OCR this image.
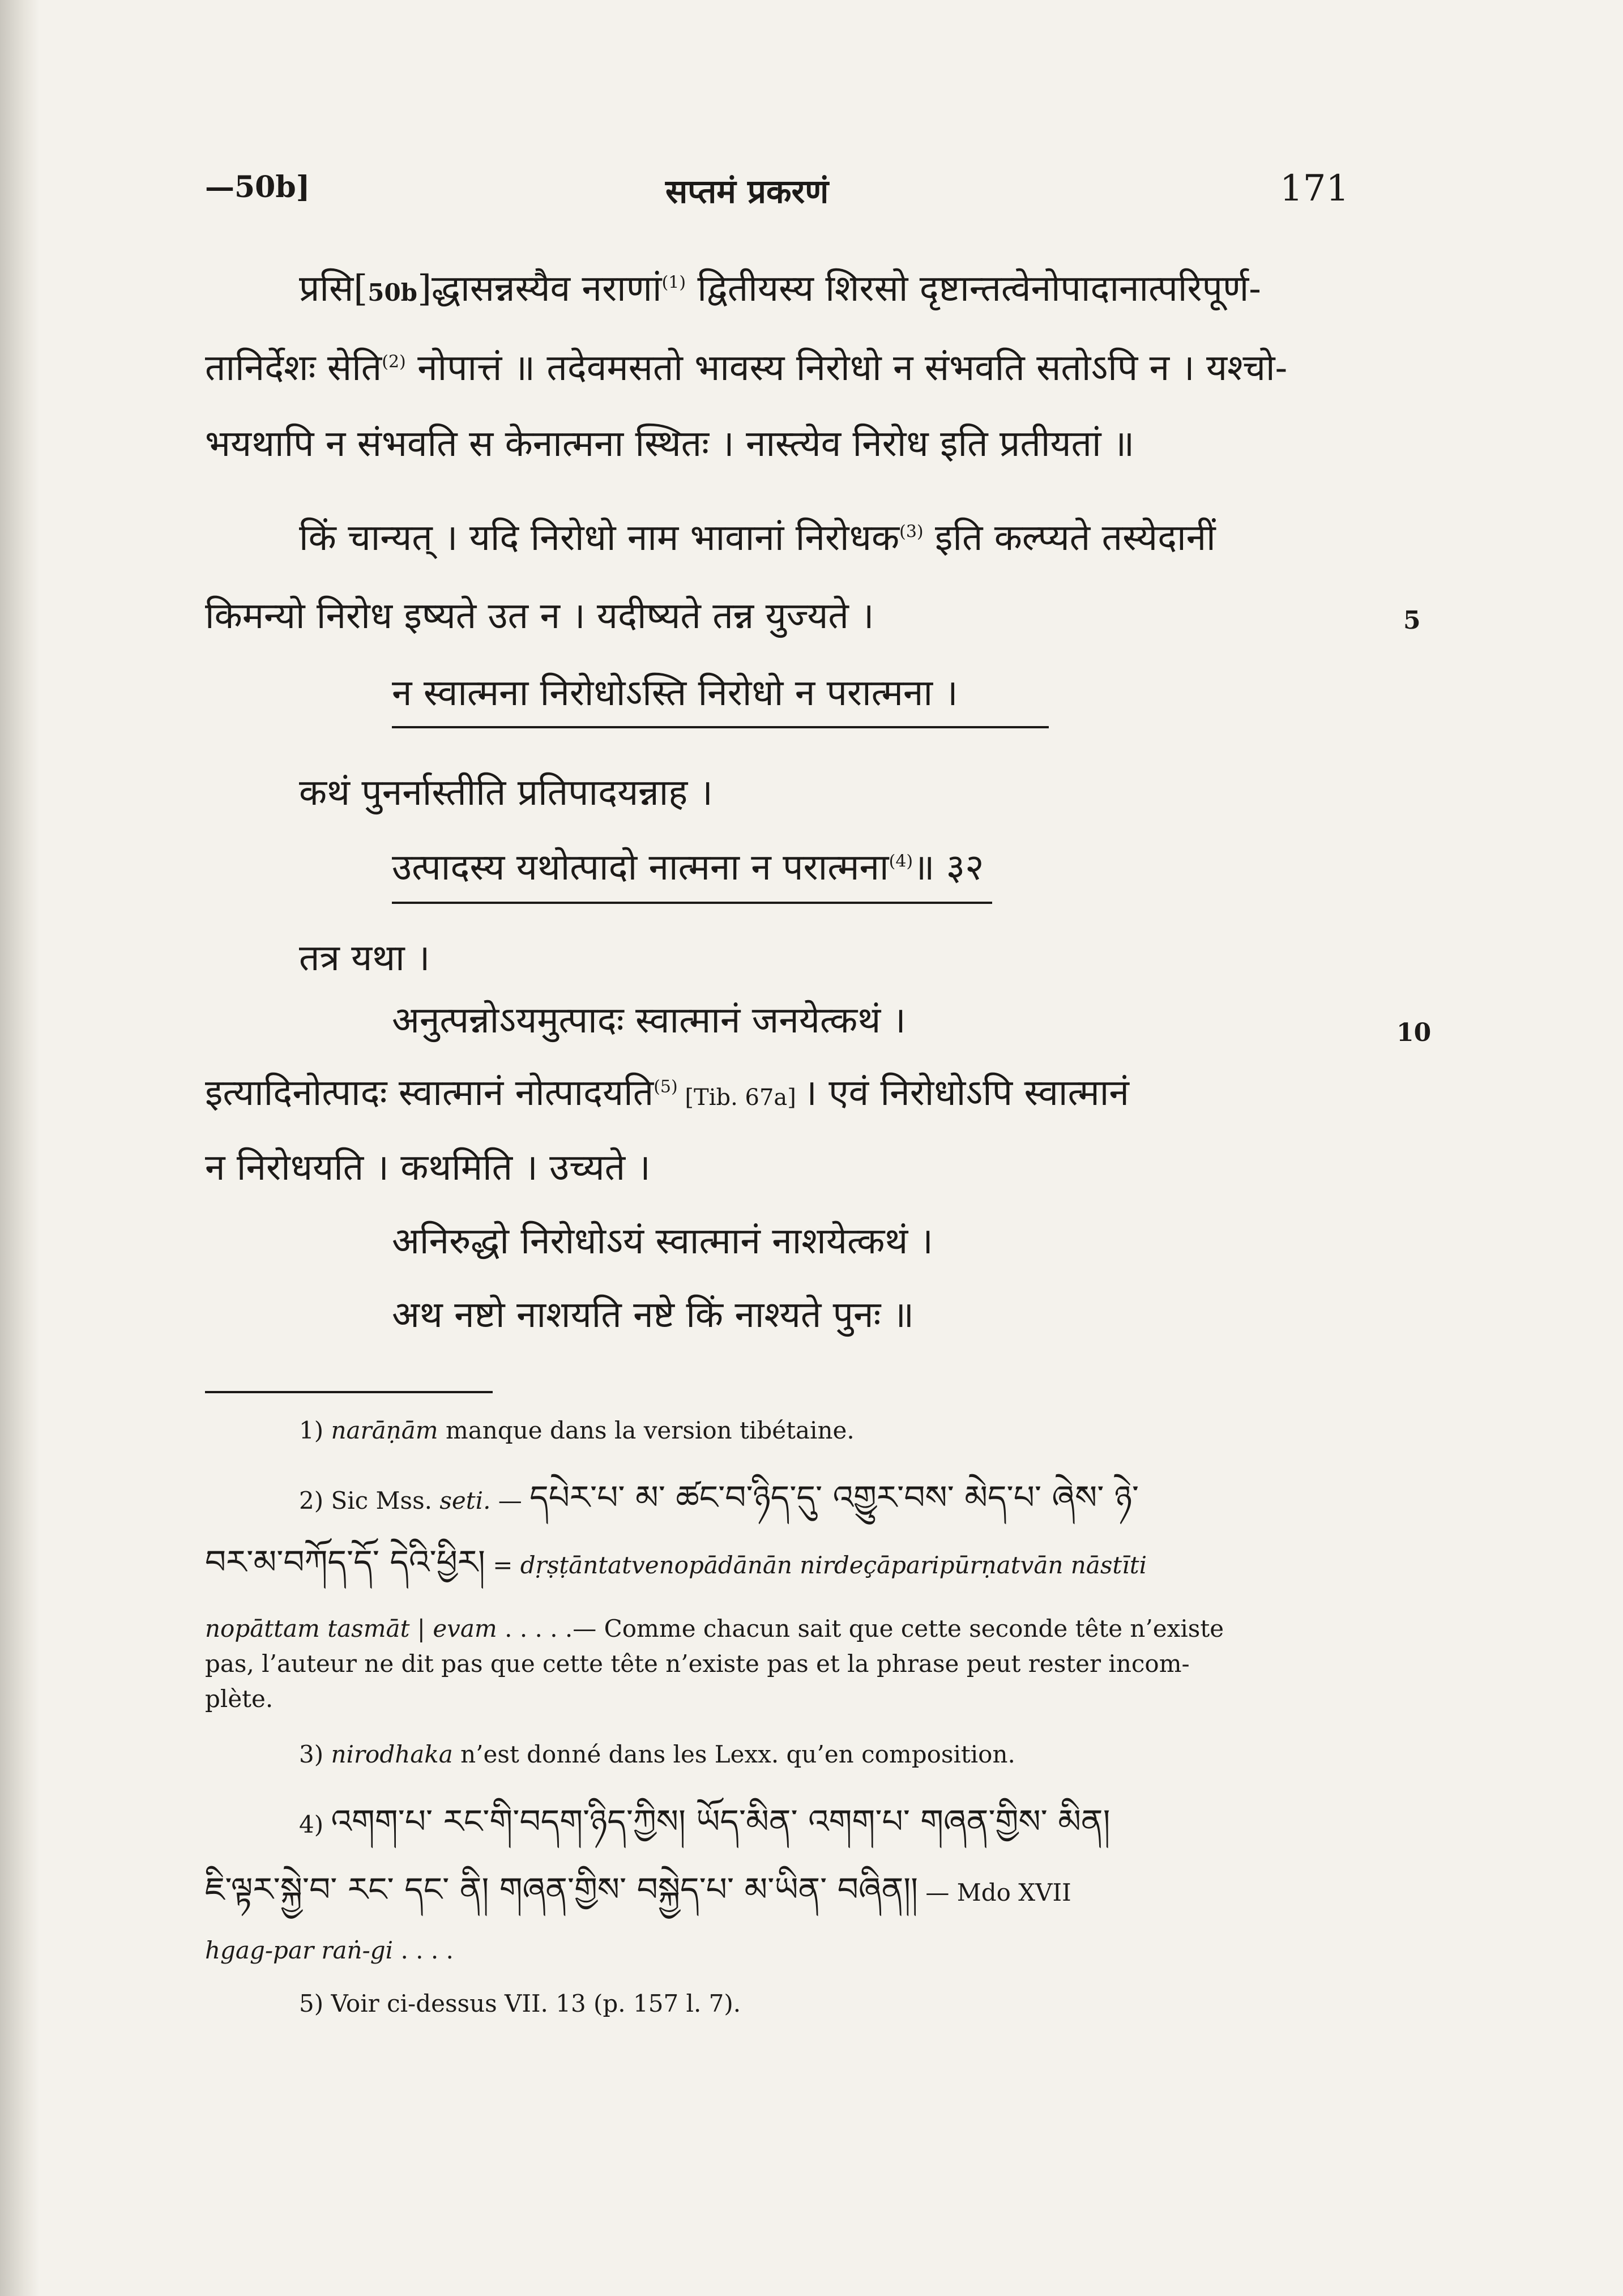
—50b]	सप्तमं प्रकरणं	171
प्रसि[50b]द्धासन्नस्यैव नराणां$^{(1)}$ द्वितीयस्य शिरसो दृष्टान्तत्वेनोपादानात्परिपूर्ण-
तानिर्देशः सेति$^{(2)}$ नोपात्तं ॥ तदेवमसतो भावस्य निरोधो न संभवति सतोऽपि न । यश्चो-
भयथापि न संभवति स केनात्मना स्थितः । नास्त्येव निरोध इति प्रतीयतां ॥
किं चान्यत् । यदि निरोधो नाम भावानां निरोधक$^{(3)}$ इति कल्प्यते तस्येदानीं
किमन्यो निरोध इष्यते उत न । यदीष्यते तन्न युज्यते ।	5
न स्वात्मना निरोधोऽस्ति निरोधो न परात्मना ।
कथं पुनर्नास्तीति प्रतिपादयन्नाह ।
उत्पादस्य यथोत्पादो नात्मना न परात्मना$^{(4)}$॥ ३२
तत्र यथा ।
अनुत्पन्नोऽयमुत्पादः स्वात्मानं जनयेत्कथं ।	10
इत्यादिनोत्पादः स्वात्मानं नोत्पादयति$^{(5)}$ [Tib. 67a] । एवं निरोधोऽपि स्वात्मानं
न निरोधयति । कथमिति । उच्यते ।
अनिरुद्धो निरोधोऽयं स्वात्मानं नाशयेत्कथं ।
अथ नष्टो नाशयति नष्टे किं नाश्यते पुनः ॥
1) narāṇām manque dans la version tibétaine.
2) Sic Mss. seti. — དཔེར་པ་ མ་ ཚང་བ་ཉིད་དུ་ འགྱུར་བས་ མེད་པ་ ཞེས་ ཉེ་
བར་མ་བཀོད་དོ་ དེའི་ཕྱིར། = dṛṣṭāntatvenopādānān nirdeçāparipūrṇatvān nāstīti
nopāttam tasmāt | evam . . . . .— Comme chacun sait que cette seconde tête n’existe
pas, l’auteur ne dit pas que cette tête n’existe pas et la phrase peut rester incom-
plète.
3) nirodhaka n’est donné dans les Lexx. qu’en composition.
4) འགག་པ་ རང་གི་བདག་ཉིད་ཀྱིས། ཡོད་མིན་ འགག་པ་ གཞན་གྱིས་ མིན།
ཇི་ལྟར་སྐྱེ་བ་ རང་ དང་ ནི། གཞན་གྱིས་ བསྐྱེད་པ་ མ་ཡིན་ བཞིན།། — Mdo XVII
hgag-par raṅ-gi . . . .
5) Voir ci-dessus VII. 13 (p. 157 l. 7).
